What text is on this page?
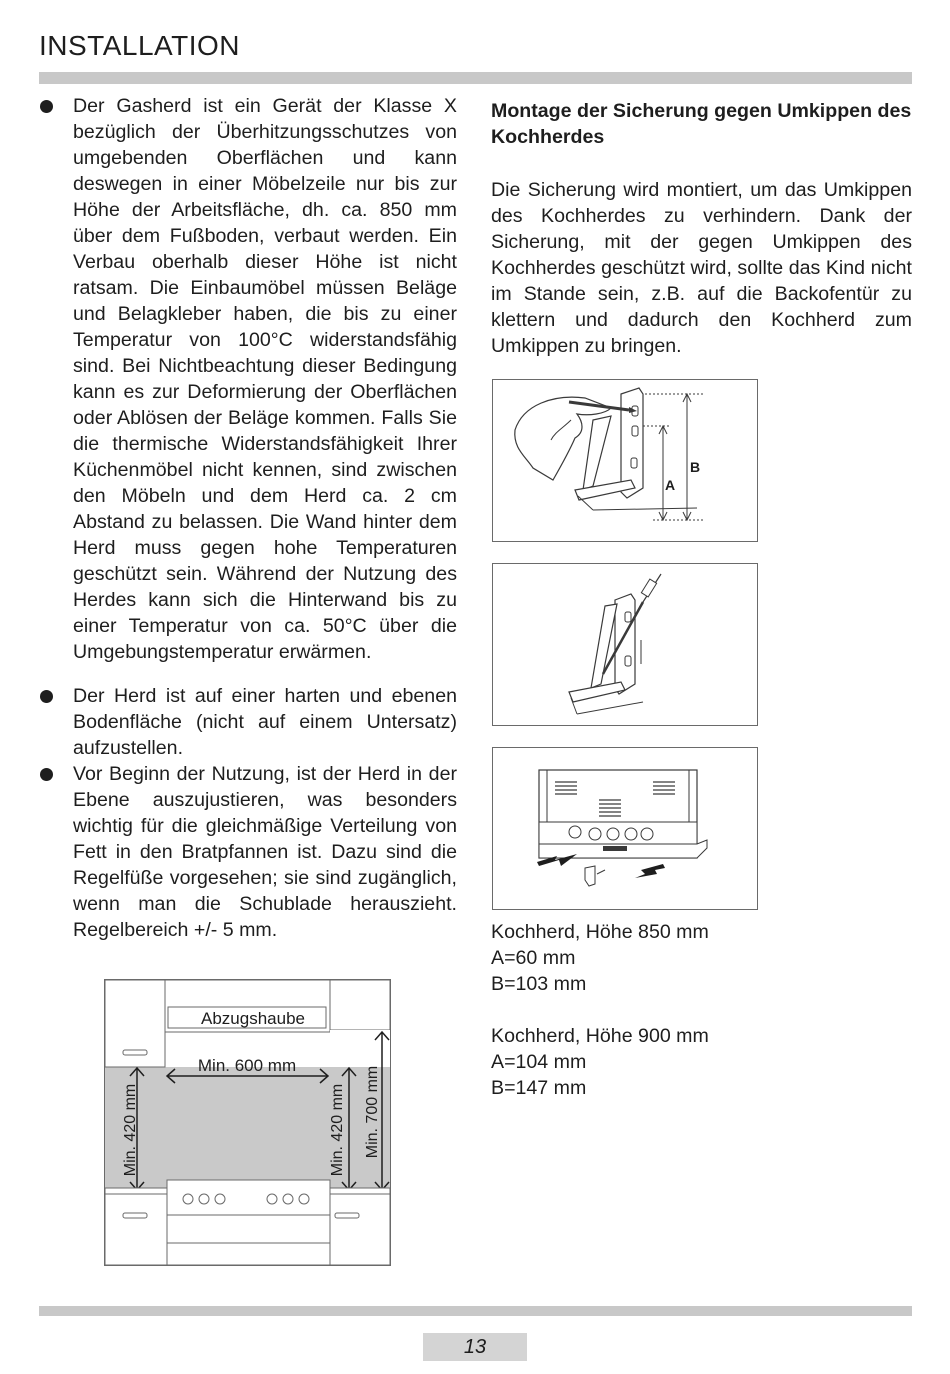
INSTALLATION

Der Gasherd ist ein Gerät der Klasse X bezüglich der Überhitzungsschutzes von umgebenden Oberflächen und kann deswegen in einer Möbelzeile nur bis zur Höhe der Arbeitsfläche, dh. ca. 850 mm über dem Fußboden, verbaut werden. Ein Verbau oberhalb dieser Höhe ist nicht ratsam. Die Einbaumöbel müssen Beläge und Belagkleber haben, die bis zu einer Temperatur von 100°C widerstandsfähig sind. Bei Nichtbeachtung dieser Bedingung kann es zur Deformierung der Oberflächen oder Ablösen der Beläge kommen. Falls Sie die thermische Widerstandsfähigkeit Ihrer Küchenmöbel nicht kennen, sind zwischen den Möbeln und dem Herd ca. 2 cm Abstand zu belassen. Die Wand hinter dem Herd muss gegen hohe Temperaturen geschützt sein. Während der Nutzung des Herdes kann sich die Hinterwand bis zu einer Temperatur von ca. 50°C über die Umgebungstemperatur erwärmen.

Der Herd ist auf einer harten und ebenen Bodenfläche (nicht auf einem Untersatz) aufzustellen.

Vor Beginn der Nutzung, ist der Herd in der Ebene auszujustieren, was besonders wichtig für die gleichmäßige Verteilung von Fett in den Bratpfannen ist. Dazu sind die Regelfüße vorgesehen; sie sind zugänglich, wenn man die Schublade herauszieht. Regelbereich +/- 5 mm.

Abzugshaube
Min. 600 mm
Min. 420 mm	Min. 420 mm Min. 700 mm
Montage der Sicherung gegen Umkippen des Kochherdes

Die Sicherung wird montiert, um das Umkippen des Kochherdes zu verhindern. Dank der Sicherung, mit der gegen Umkippen des Kochherdes geschützt wird, sollte das Kind nicht im Stande sein, z.B. auf die Backofentür zu klettern und dadurch den Kochherd zum Umkippen zu bringen.

A
B
Kochherd, Höhe 850 mm
A=60 mm
B=103 mm
Kochherd, Höhe 900 mm
A=104 mm
B=147 mm
13
